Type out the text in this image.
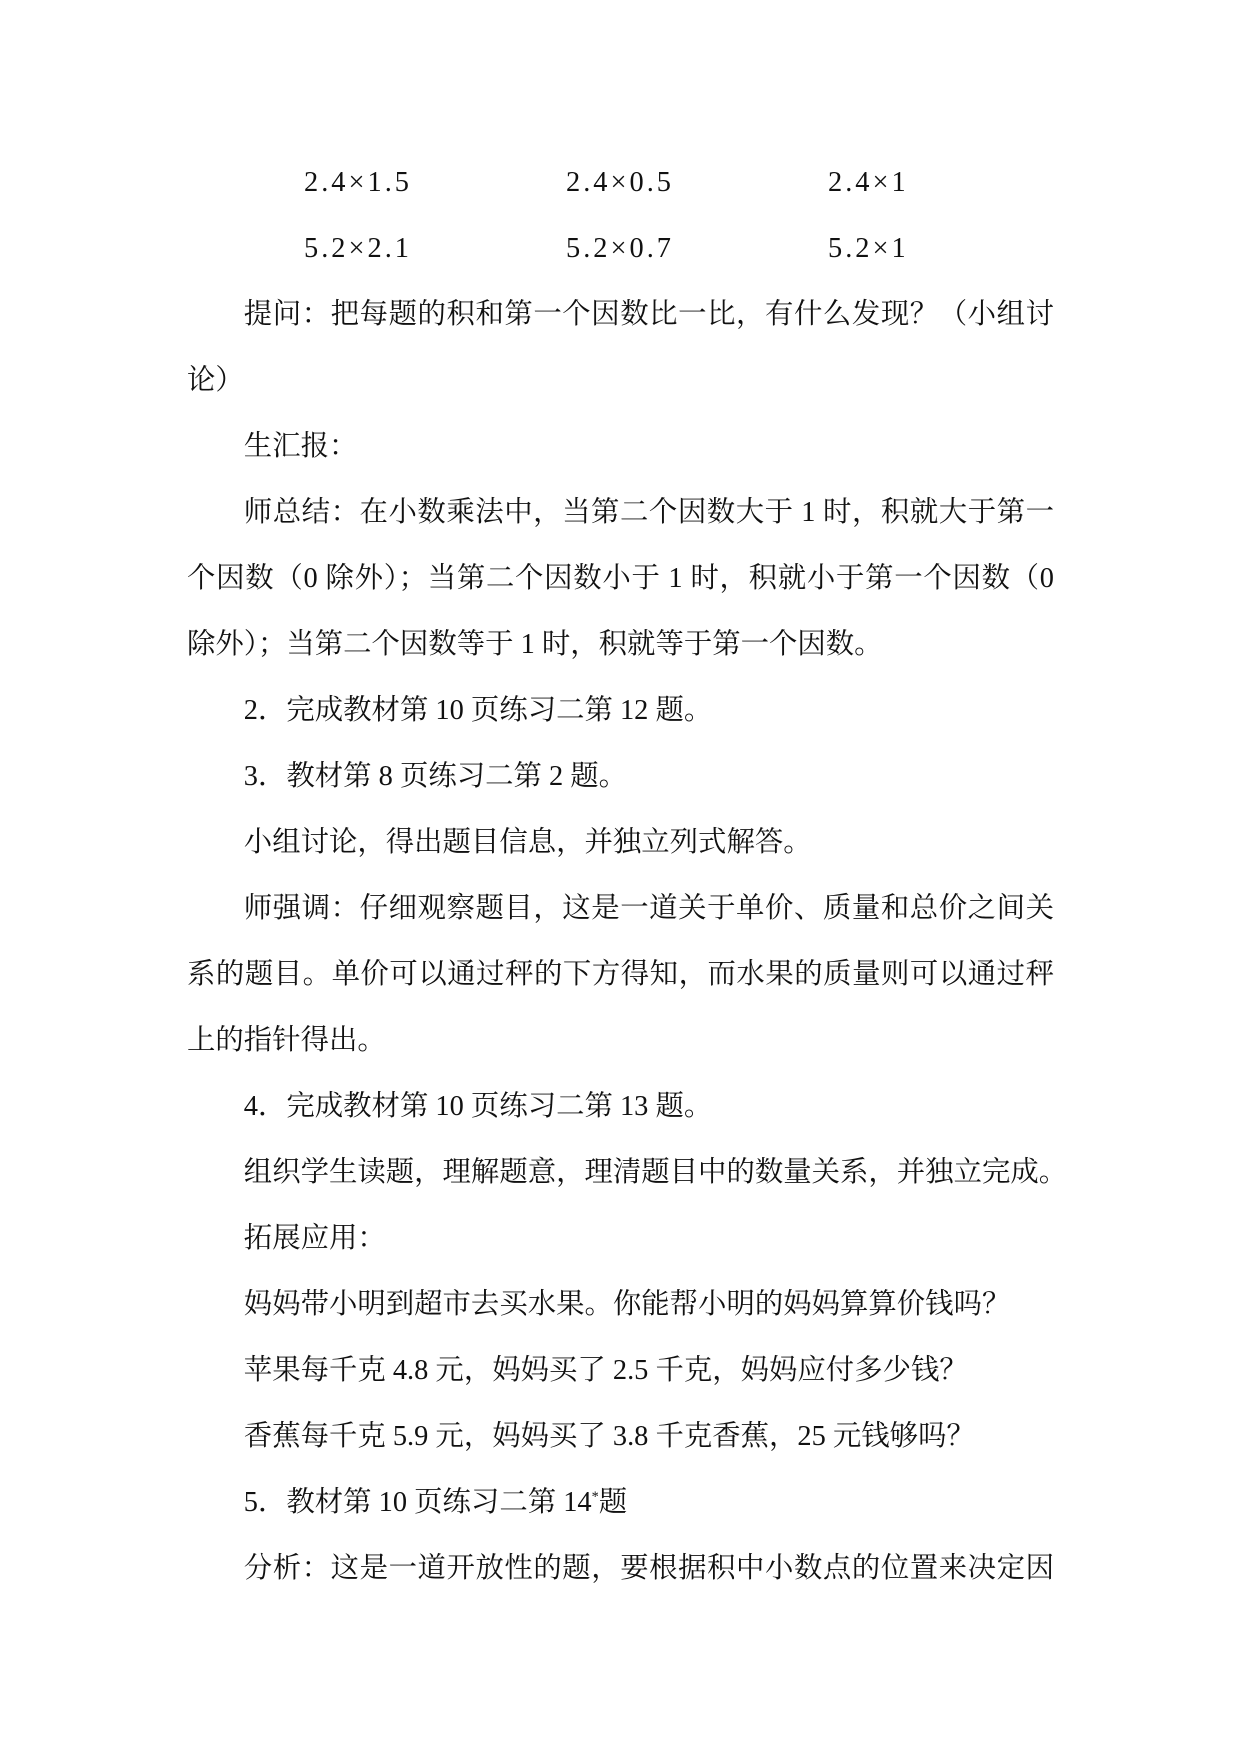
2.4×1.5	2.4×0.5	2.4×1
5.2×2.1	5.2×0.7	5.2×1
提问：把每题的积和第一个因数比一比，有什么发现？（小组讨
论）
生汇报：
师总结：在小数乘法中，当第二个因数大于 1 时，积就大于第一
个因数（0 除外）；当第二个因数小于 1 时，积就小于第一个因数（0
除外）；当第二个因数等于 1 时，积就等于第一个因数。
2．完成教材第 10 页练习二第 12 题。
3．教材第 8 页练习二第 2 题。
小组讨论，得出题目信息，并独立列式解答。
师强调：仔细观察题目，这是一道关于单价、质量和总价之间关
系的题目。单价可以通过秤的下方得知，而水果的质量则可以通过秤
上的指针得出。
4．完成教材第 10 页练习二第 13 题。
组织学生读题，理解题意，理清题目中的数量关系，并独立完成。
拓展应用：
妈妈带小明到超市去买水果。你能帮小明的妈妈算算价钱吗？
苹果每千克 4.8 元，妈妈买了 2.5 千克，妈妈应付多少钱？
香蕉每千克 5.9 元，妈妈买了 3.8 千克香蕉，25 元钱够吗？
5．教材第 10 页练习二第 14*题
分析：这是一道开放性的题，要根据积中小数点的位置来决定因
